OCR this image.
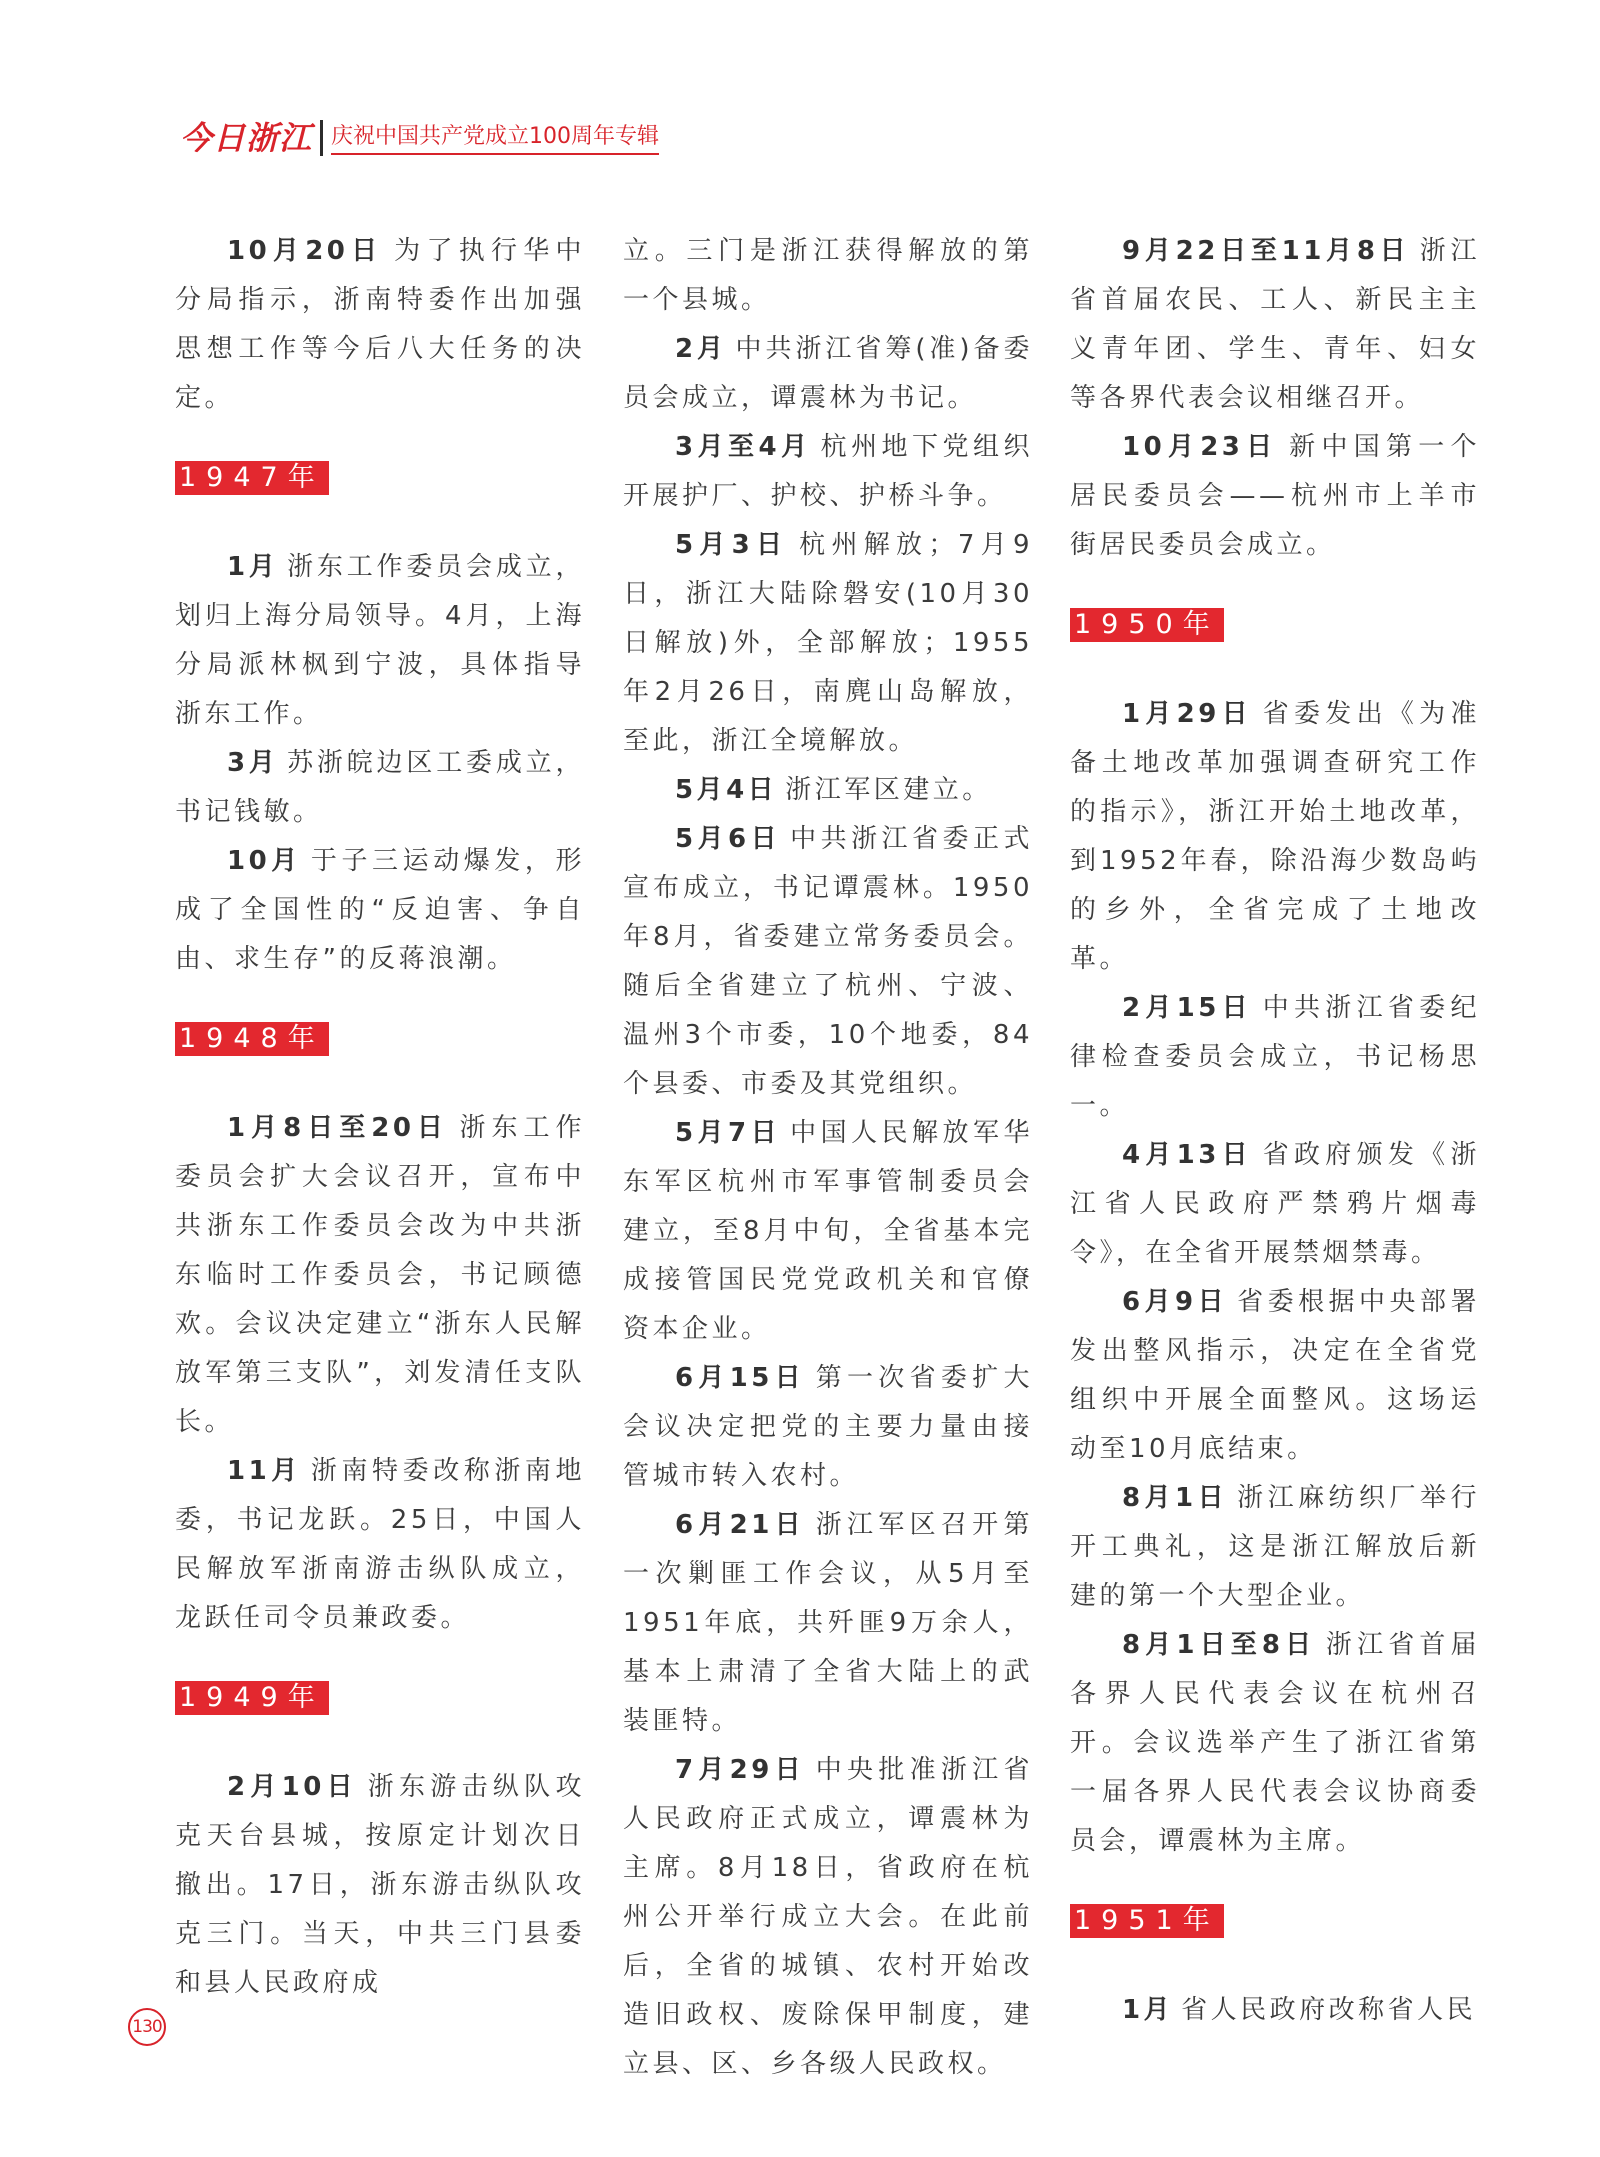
今日浙江 庆祝中国共产党成立100周年专辑

10月20日 为了执行华中分局指示，浙南特委作出加强思想工作等今后八大任务的决定。

1947年

1月 浙东工作委员会成立，划归上海分局领导。4月，上海分局派林枫到宁波，具体指导浙东工作。

3月 苏浙皖边区工委成立，书记钱敏。

10月 于子三运动爆发，形成了全国性的“反迫害、争自由、求生存”的反蒋浪潮。

1948年

1月8日至20日 浙东工作委员会扩大会议召开，宣布中共浙东工作委员会改为中共浙东临时工作委员会，书记顾德欢。会议决定建立“浙东人民解放军第三支队”，刘发清任支队长。

11月 浙南特委改称浙南地委，书记龙跃。25日，中国人民解放军浙南游击纵队成立，龙跃任司令员兼政委。

1949年

2月10日 浙东游击纵队攻克天台县城，按原定计划次日撤出。17日，浙东游击纵队攻克三门。当天，中共三门县委和县人民政府成

立。三门是浙江获得解放的第一个县城。

2月 中共浙江省筹(准)备委员会成立，谭震林为书记。

3月至4月 杭州地下党组织开展护厂、护校、护桥斗争。

5月3日 杭州解放；7月9日，浙江大陆除磐安(10月30日解放)外，全部解放；1955年2月26日，南麂山岛解放，至此，浙江全境解放。

5月4日 浙江军区建立。

5月6日 中共浙江省委正式宣布成立，书记谭震林。1950年8月，省委建立常务委员会。随后全省建立了杭州、宁波、温州3个市委，10个地委，84个县委、市委及其党组织。

5月7日 中国人民解放军华东军区杭州市军事管制委员会建立，至8月中旬，全省基本完成接管国民党党政机关和官僚资本企业。

6月15日 第一次省委扩大会议决定把党的主要力量由接管城市转入农村。

6月21日 浙江军区召开第一次剿匪工作会议，从5月至1951年底，共歼匪9万余人，基本上肃清了全省大陆上的武装匪特。

7月29日 中央批准浙江省人民政府正式成立，谭震林为主席。8月18日，省政府在杭州公开举行成立大会。在此前后，全省的城镇、农村开始改造旧政权、废除保甲制度，建立县、区、乡各级人民政权。

9月22日至11月8日 浙江省首届农民、工人、新民主主义青年团、学生、青年、妇女等各界代表会议相继召开。

10月23日 新中国第一个居民委员会——杭州市上羊市街居民委员会成立。

1950年

1月29日 省委发出《为准备土地改革加强调查研究工作的指示》，浙江开始土地改革，到1952年春，除沿海少数岛屿的乡外，全省完成了土地改革。

2月15日 中共浙江省委纪律检查委员会成立，书记杨思一。

4月13日 省政府颁发《浙江省人民政府严禁鸦片烟毒令》，在全省开展禁烟禁毒。

6月9日 省委根据中央部署发出整风指示，决定在全省党组织中开展全面整风。这场运动至10月底结束。

8月1日 浙江麻纺织厂举行开工典礼，这是浙江解放后新建的第一个大型企业。

8月1日至8日 浙江省首届各界人民代表会议在杭州召开。会议选举产生了浙江省第一届各界人民代表会议协商委员会，谭震林为主席。

1951年

1月 省人民政府改称省人民

130
